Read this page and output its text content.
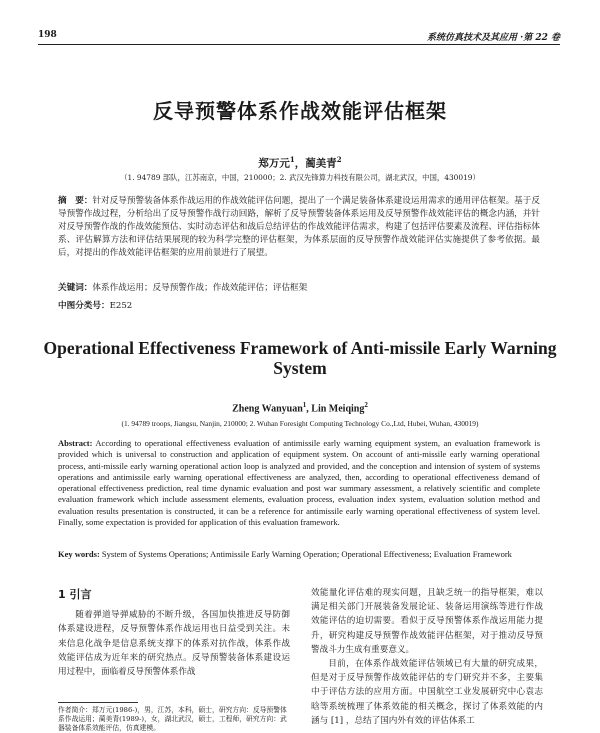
198	系统仿真技术及其应用 ·第 22 卷
反导预警体系作战效能评估框架
郑万元$^1$，蔺美青$^2$
（1. 94789 部队，江苏南京，中国，210000；2. 武汉先锋算力科技有限公司，湖北武汉，中国，430019）
摘　要：针对反导预警装备体系作战运用的作战效能评估问题，提出了一个满足装备体系建设运用需求的通用评估框架。基于反导预警作战过程，分析给出了反导预警作战行动回路，解析了反导预警装备体系运用及反导预警作战效能评估的概念内涵，并针对反导预警作战的作战效能预估、实时动态评估和战后总结评估的作战效能评估需求，构建了包括评估要素及流程、评估指标体系、评估解算方法和评估结果展现的较为科学完整的评估框架，为体系层面的反导预警作战效能评估实施提供了参考依据。最后，对提出的作战效能评估框架的应用前景进行了展望。
关键词：体系作战运用；反导预警作战；作战效能评估；评估框架
中图分类号：E252
Operational Effectiveness Framework of Anti-missile Early Warning System
Zheng Wanyuan$^1$, Lin Meiqing$^2$
(1. 94789 troops, Jiangsu, Nanjin, 210000; 2. Wuhan Foresight Computing Technology Co.,Ltd, Hubei, Wuhan, 430019)
Abstract: According to operational effectiveness evaluation of antimissile early warning equipment system, an evaluation framework is provided which is universal to construction and application of equipment system. On account of anti-missile early warning operational process, anti-missile early warning operational action loop is analyzed and provided, and the conception and intension of system of systems operations and antimissile early warning operational effectiveness are analyzed, then, according to operational effectiveness demand of operational effectiveness prediction, real time dynamic evaluation and post war summary assessment, a relatively scientific and complete evaluation framework which include assessment elements, evaluation process, evaluation index system, evaluation solution method and evaluation results presentation is constructed, it can be a reference for antimissile early warning operational effectiveness of system level. Finally, some expectation is provided for application of this evaluation framework.
Key words: System of Systems Operations; Antimissile Early Warning Operation; Operational Effectiveness; Evaluation Framework
1 引言

随着弹道导弹威胁的不断升级，各国加快推进反导防御体系建设进程，反导预警体系作战运用也日益受到关注。未来信息化战争是信息系统支撑下的体系对抗作战，体系作战效能评估成为近年来的研究热点。反导预警装备体系建设运用过程中，面临着反导预警体系作战

效能量化评估难的现实问题，且缺乏统一的指导框架，难以满足相关部门开展装备发展论证、装备运用演练等进行作战效能评估的迫切需要。看似于反导预警体系作战运用能力提升，研究构建反导预警作战效能评估框架，对于推动反导预警战斗力生成有重要意义。

目前，在体系作战效能评估领域已有大量的研究成果，但是对于反导预警作战效能评估的专门研究并不多，主要集中于评估方法的应用方面。中国航空工业发展研究中心袁志晗等系统梳理了体系效能的相关概念，探讨了体系效能的内涵与 [1] ，总结了国内外有效的评估体系工

作者简介：郑万元(1986-)，男，江苏，本科，硕士，研究方向：反导预警体系作战运用；蔺美青(1989-)，女，湖北武汉，硕士，工程师，研究方向：武器装备体系效能评估，仿真建模。
